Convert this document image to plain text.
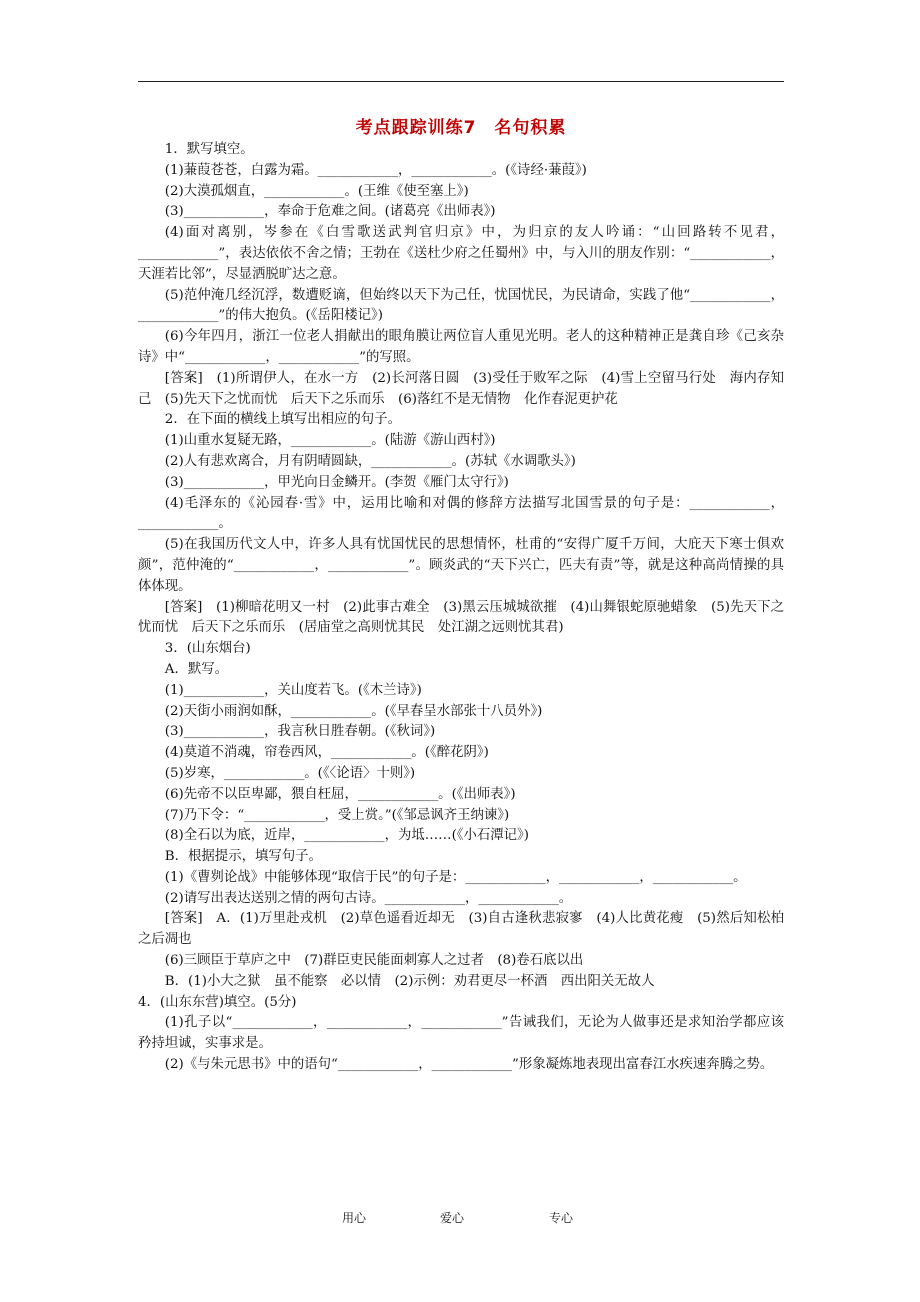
考点跟踪训练7　名句积累

1．默写填空。

(1)蒹葭苍苍，白露为霜。____________，____________。(《诗经·蒹葭》)

(2)大漠孤烟直，____________。(王维《使至塞上》)

(3)____________，奉命于危难之间。(诸葛亮《出师表》)

(4)面对离别，岑参在《白雪歌送武判官归京》中，为归京的友人吟诵：“山回路转不见君，____________”，表达依依不舍之情；王勃在《送杜少府之任蜀州》中，与入川的朋友作别：“____________，天涯若比邻”，尽显洒脱旷达之意。

(5)范仲淹几经沉浮，数遭贬谪，但始终以天下为己任，忧国忧民，为民请命，实践了他“____________，____________”的伟大抱负。(《岳阳楼记》)

(6)今年四月，浙江一位老人捐献出的眼角膜让两位盲人重见光明。老人的这种精神正是龚自珍《己亥杂诗》中“____________，____________”的写照。

[答案]　(1)所谓伊人，在水一方　(2)长河落日圆　(3)受任于败军之际　(4)雪上空留马行处　海内存知己　(5)先天下之忧而忧　后天下之乐而乐　(6)落红不是无情物　化作春泥更护花

2．在下面的横线上填写出相应的句子。

(1)山重水复疑无路，____________。(陆游《游山西村》)

(2)人有悲欢离合，月有阴晴圆缺，____________。(苏轼《水调歌头》)

(3)____________，甲光向日金鳞开。(李贺《雁门太守行》)

(4)毛泽东的《沁园春·雪》中，运用比喻和对偶的修辞方法描写北国雪景的句子是：____________，____________。

(5)在我国历代文人中，许多人具有忧国忧民的思想情怀，杜甫的“安得广厦千万间，大庇天下寒士俱欢颜”，范仲淹的“____________，____________”。顾炎武的“天下兴亡，匹夫有责”等，就是这种高尚情操的具体体现。

[答案]　(1)柳暗花明又一村　(2)此事古难全　(3)黑云压城城欲摧　(4)山舞银蛇原驰蜡象　(5)先天下之忧而忧　后天下之乐而乐　(居庙堂之高则忧其民　处江湖之远则忧其君)

3．(山东烟台)

A．默写。

(1)____________，关山度若飞。(《木兰诗》)

(2)天街小雨润如酥，____________。(《早春呈水部张十八员外》)

(3)____________，我言秋日胜春朝。(《秋词》)

(4)莫道不消魂，帘卷西风，____________。(《醉花阴》)

(5)岁寒，____________。(《〈论语〉十则》)

(6)先帝不以臣卑鄙，猥自枉屈，____________。(《出师表》)

(7)乃下令：“____________，受上赏。”(《邹忌讽齐王纳谏》)

(8)全石以为底，近岸，____________，为坻……(《小石潭记》)

B．根据提示，填写句子。

(1)《曹刿论战》中能够体现“取信于民”的句子是：____________，____________，____________。

(2)请写出表达送别之情的两句古诗。____________，____________。

[答案]　A．(1)万里赴戎机　(2)草色遥看近却无　(3)自古逢秋悲寂寥　(4)人比黄花瘦　(5)然后知松柏之后凋也

(6)三顾臣于草庐之中　(7)群臣吏民能面刺寡人之过者　(8)卷石底以出

B．(1)小大之狱　虽不能察　必以情　(2)示例：劝君更尽一杯酒　西出阳关无故人

4．(山东东营)填空。(5分)

(1)孔子以“____________，____________，____________”告诫我们，无论为人做事还是求知治学都应该矜持坦诚，实事求是。

(2)《与朱元思书》中的语句“____________，____________”形象凝炼地表现出富春江水疾速奔腾之势。

用心	爱心	专心
